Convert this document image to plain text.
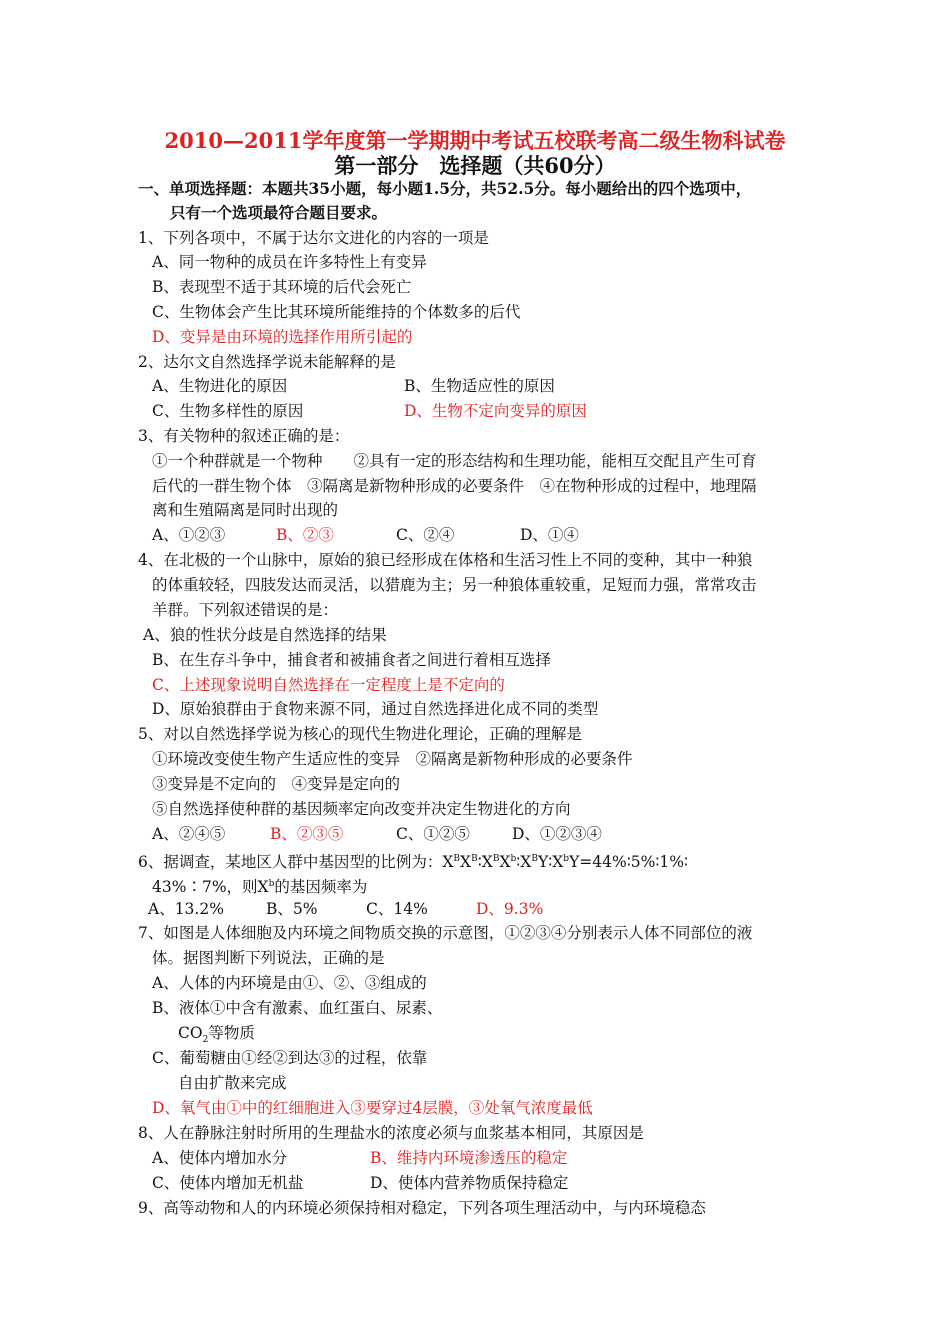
2010—2011学年度第一学期期中考试五校联考高二级生物科试卷
第一部分　选择题（共60分）
一、单项选择题：本题共35小题，每小题1.5分，共52.5分。每小题给出的四个选项中，
只有一个选项最符合题目要求。
1、下列各项中，不属于达尔文进化的内容的一项是
A、同一物种的成员在许多特性上有变异
B、表现型不适于其环境的后代会死亡
C、生物体会产生比其环境所能维持的个体数多的后代
D、变异是由环境的选择作用所引起的
2、达尔文自然选择学说未能解释的是
A、生物进化的原因	B、生物适应性的原因
C、生物多样性的原因	D、生物不定向变异的原因
3、有关物种的叙述正确的是：
①一个种群就是一个物种　　②具有一定的形态结构和生理功能，能相互交配且产生可育
后代的一群生物个体　③隔离是新物种形成的必要条件　④在物种形成的过程中，地理隔
离和生殖隔离是同时出现的
A、①②③	B、②③	C、②④	D、①④
4、在北极的一个山脉中，原始的狼已经形成在体格和生活习性上不同的变种，其中一种狼
的体重较轻，四肢发达而灵活，以猎鹿为主；另一种狼体重较重，足短而力强，常常攻击
羊群。下列叙述错误的是：
A、狼的性状分歧是自然选择的结果
B、在生存斗争中，捕食者和被捕食者之间进行着相互选择
C、上述现象说明自然选择在一定程度上是不定向的
D、原始狼群由于食物来源不同，通过自然选择进化成不同的类型
5、对以自然选择学说为核心的现代生物进化理论，正确的理解是
①环境改变使生物产生适应性的变异　②隔离是新物种形成的必要条件
③变异是不定向的　④变异是定向的
⑤自然选择使种群的基因频率定向改变并决定生物进化的方向
A、②④⑤	B、②③⑤	C、①②⑤	D、①②③④
6、据调查，某地区人群中基因型的比例为：$X^BX^B∶X^BX^b∶X^BY∶X^bY=44\%∶5\%∶1\%∶$
43%∶7%，则$X^b$的基因频率为
A、13.2%	B、5%	C、14%	D、9.3%
7、如图是人体细胞及内环境之间物质交换的示意图，①②③④分别表示人体不同部位的液
体。据图判断下列说法，正确的是
A、人体的内环境是由①、②、③组成的
B、液体①中含有激素、血红蛋白、尿素、
$CO_2$等物质
C、葡萄糖由①经②到达③的过程，依靠
自由扩散来完成
D、氧气由①中的红细胞进入③要穿过4层膜，③处氧气浓度最低
8、人在静脉注射时所用的生理盐水的浓度必须与血浆基本相同，其原因是
A、使体内增加水分	B、维持内环境渗透压的稳定
C、使体内增加无机盐	D、使体内营养物质保持稳定
9、高等动物和人的内环境必须保持相对稳定，下列各项生理活动中，与内环境稳态
